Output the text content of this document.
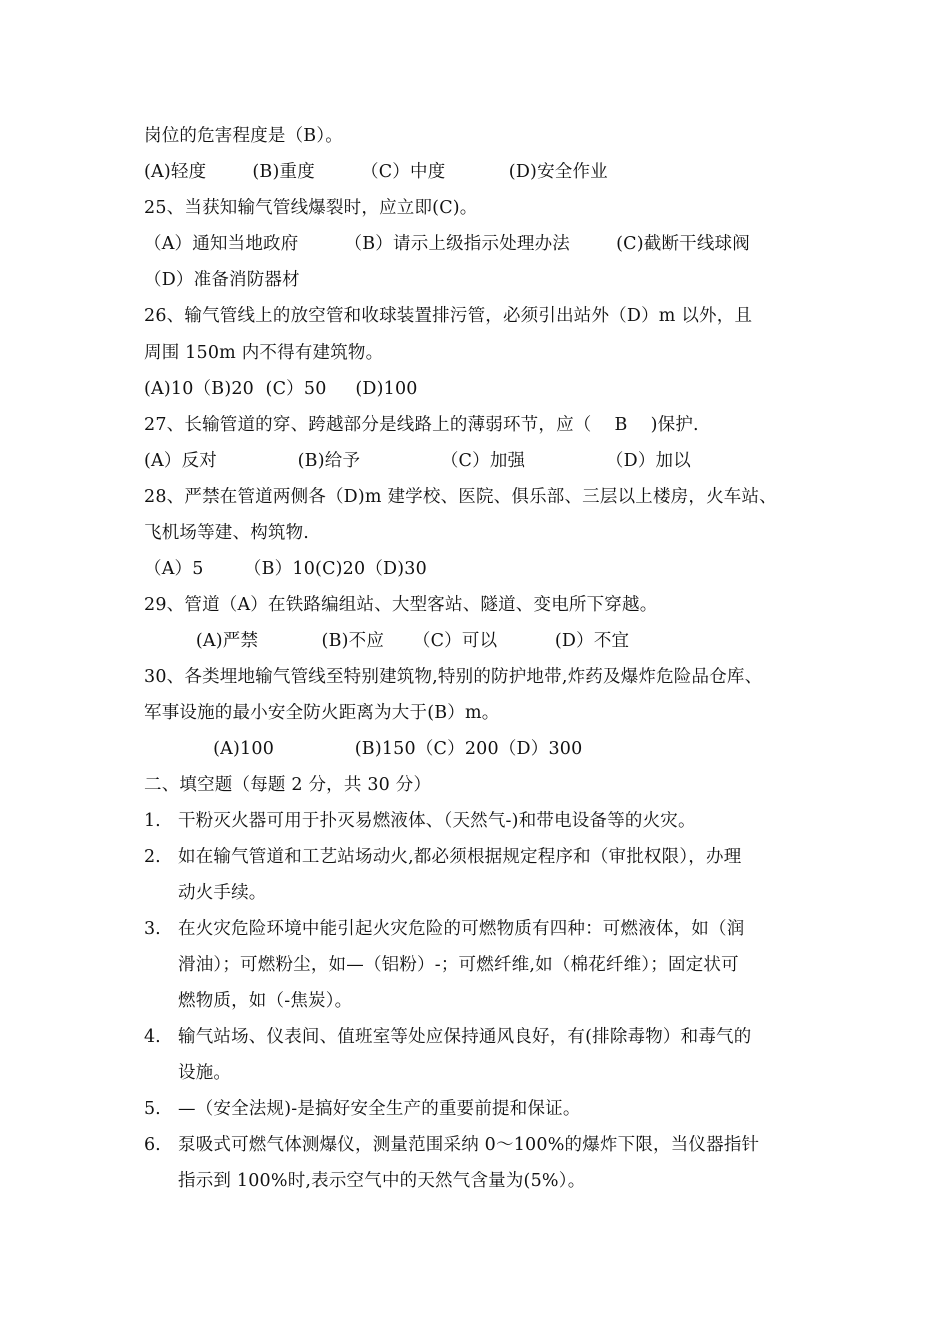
岗位的危害程度是（B）。
(A)轻度        (B)重度        （C）中度           (D)安全作业
25、当获知输气管线爆裂时，应立即(C)。
（A）通知当地政府        （B）请示上级指示处理办法        (C)截断干线球阀
（D）准备消防器材
26、输气管线上的放空管和收球装置排污管，必须引出站外（D）m 以外，且
周围 150m 内不得有建筑物。
(A)10（B)20  (C）50     (D)100
27、长输管道的穿、跨越部分是线路上的薄弱环节，应（    B    )保护.
(A）反对              (B)给予              （C）加强              （D）加以
28、严禁在管道两侧各（D)m 建学校、医院、俱乐部、三层以上楼房，火车站、
飞机场等建、构筑物.
（A）5       （B）10(C)20（D)30
29、管道（A）在铁路编组站、大型客站、隧道、变电所下穿越。
(A)严禁           (B)不应     （C）可以          (D）不宜
30、各类埋地输气管线至特别建筑物,特别的防护地带,炸药及爆炸危险品仓库、
军事设施的最小安全防火距离为大于(B）m。
(A)100              (B)150（C）200（D）300
二、填空题（每题 2 分，共 30 分）
1. 干粉灭火器可用于扑灭易燃液体、（天然气-)和带电设备等的火灾。
2. 如在输气管道和工艺站场动火,都必须根据规定程序和（审批权限），办理
动火手续。
3. 在火灾危险环境中能引起火灾危险的可燃物质有四种：可燃液体，如（润
滑油）；可燃粉尘，如—（铝粉）-；可燃纤维,如（棉花纤维）；固定状可
燃物质，如（-焦炭）。
4. 输气站场、仪表间、值班室等处应保持通风良好，有(排除毒物）和毒气的
设施。
5. —（安全法规)-是搞好安全生产的重要前提和保证。
6. 泵吸式可燃气体测爆仪，测量范围采纳 0～100%的爆炸下限，当仪器指针
指示到 100%时,表示空气中的天然气含量为(5%）。
